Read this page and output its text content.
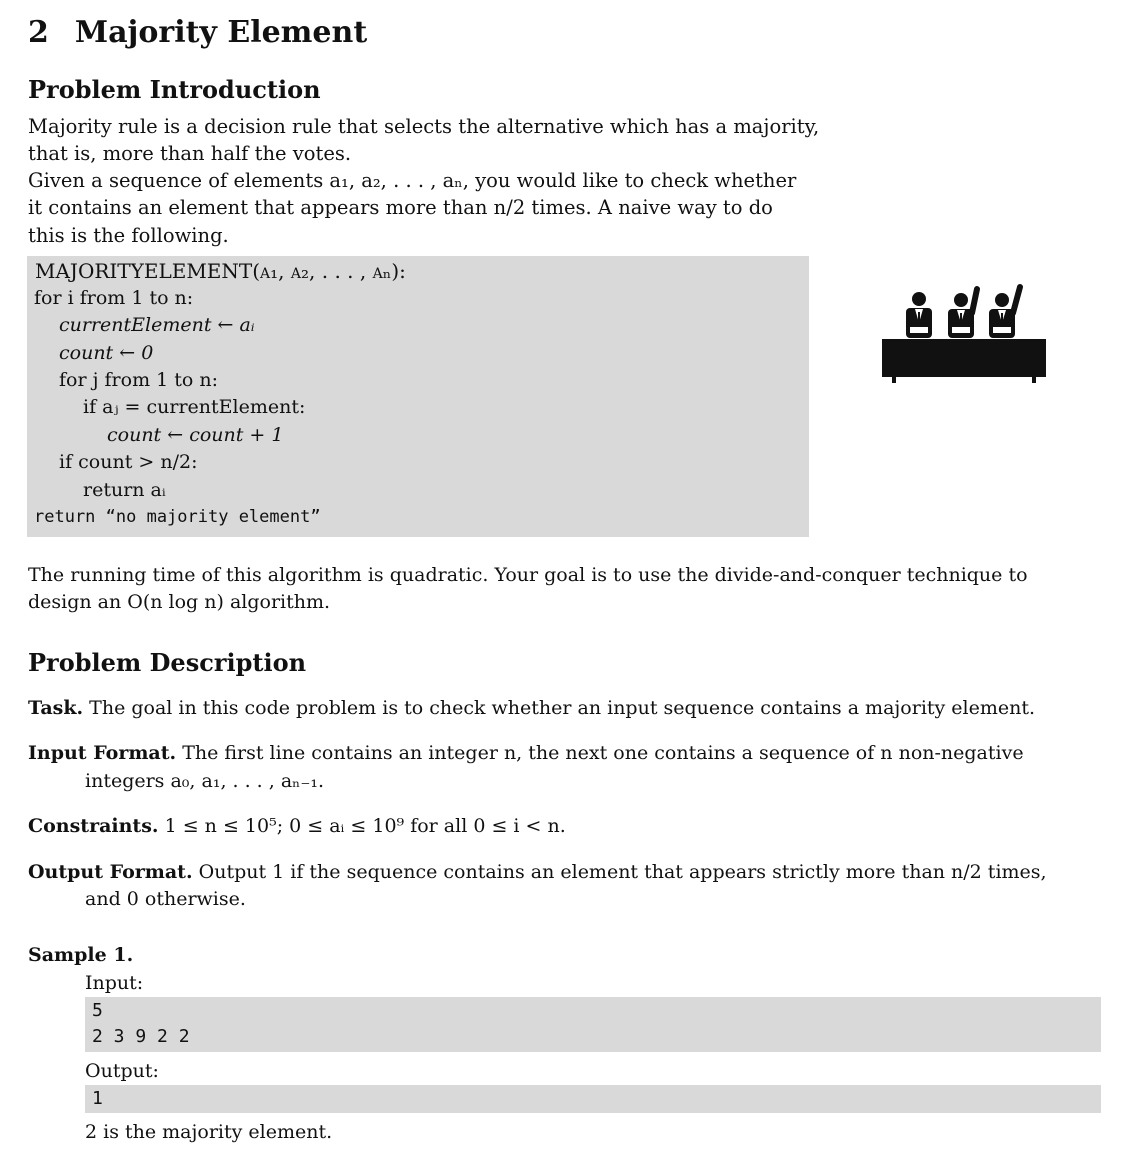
2 Majority Element
Problem Introduction
Majority rule is a decision rule that selects the alternative which has a majority,
that is, more than half the votes.
Given a sequence of elements a₁, a₂, . . . , aₙ, you would like to check whether
it contains an element that appears more than n/2 times. A naive way to do
this is the following.
MAJORITYELEMENT(a₁, a₂, . . . , aₙ):
for i from 1 to n:
currentElement ← aᵢ
count ← 0
for j from 1 to n:
if aⱼ = currentElement:
count ← count + 1
if count > n/2:
return aᵢ
return “no majority element”
The running time of this algorithm is quadratic. Your goal is to use the divide-and-conquer technique to
design an O(n log n) algorithm.
Problem Description
Task. The goal in this code problem is to check whether an input sequence contains a majority element.
Input Format. The first line contains an integer n, the next one contains a sequence of n non-negative
integers a₀, a₁, . . . , aₙ₋₁.
Constraints. 1 ≤ n ≤ 10⁵; 0 ≤ aᵢ ≤ 10⁹ for all 0 ≤ i < n.
Output Format. Output 1 if the sequence contains an element that appears strictly more than n/2 times,
and 0 otherwise.
Sample 1.
Input:
5
2 3 9 2 2
Output:
1
2 is the majority element.
